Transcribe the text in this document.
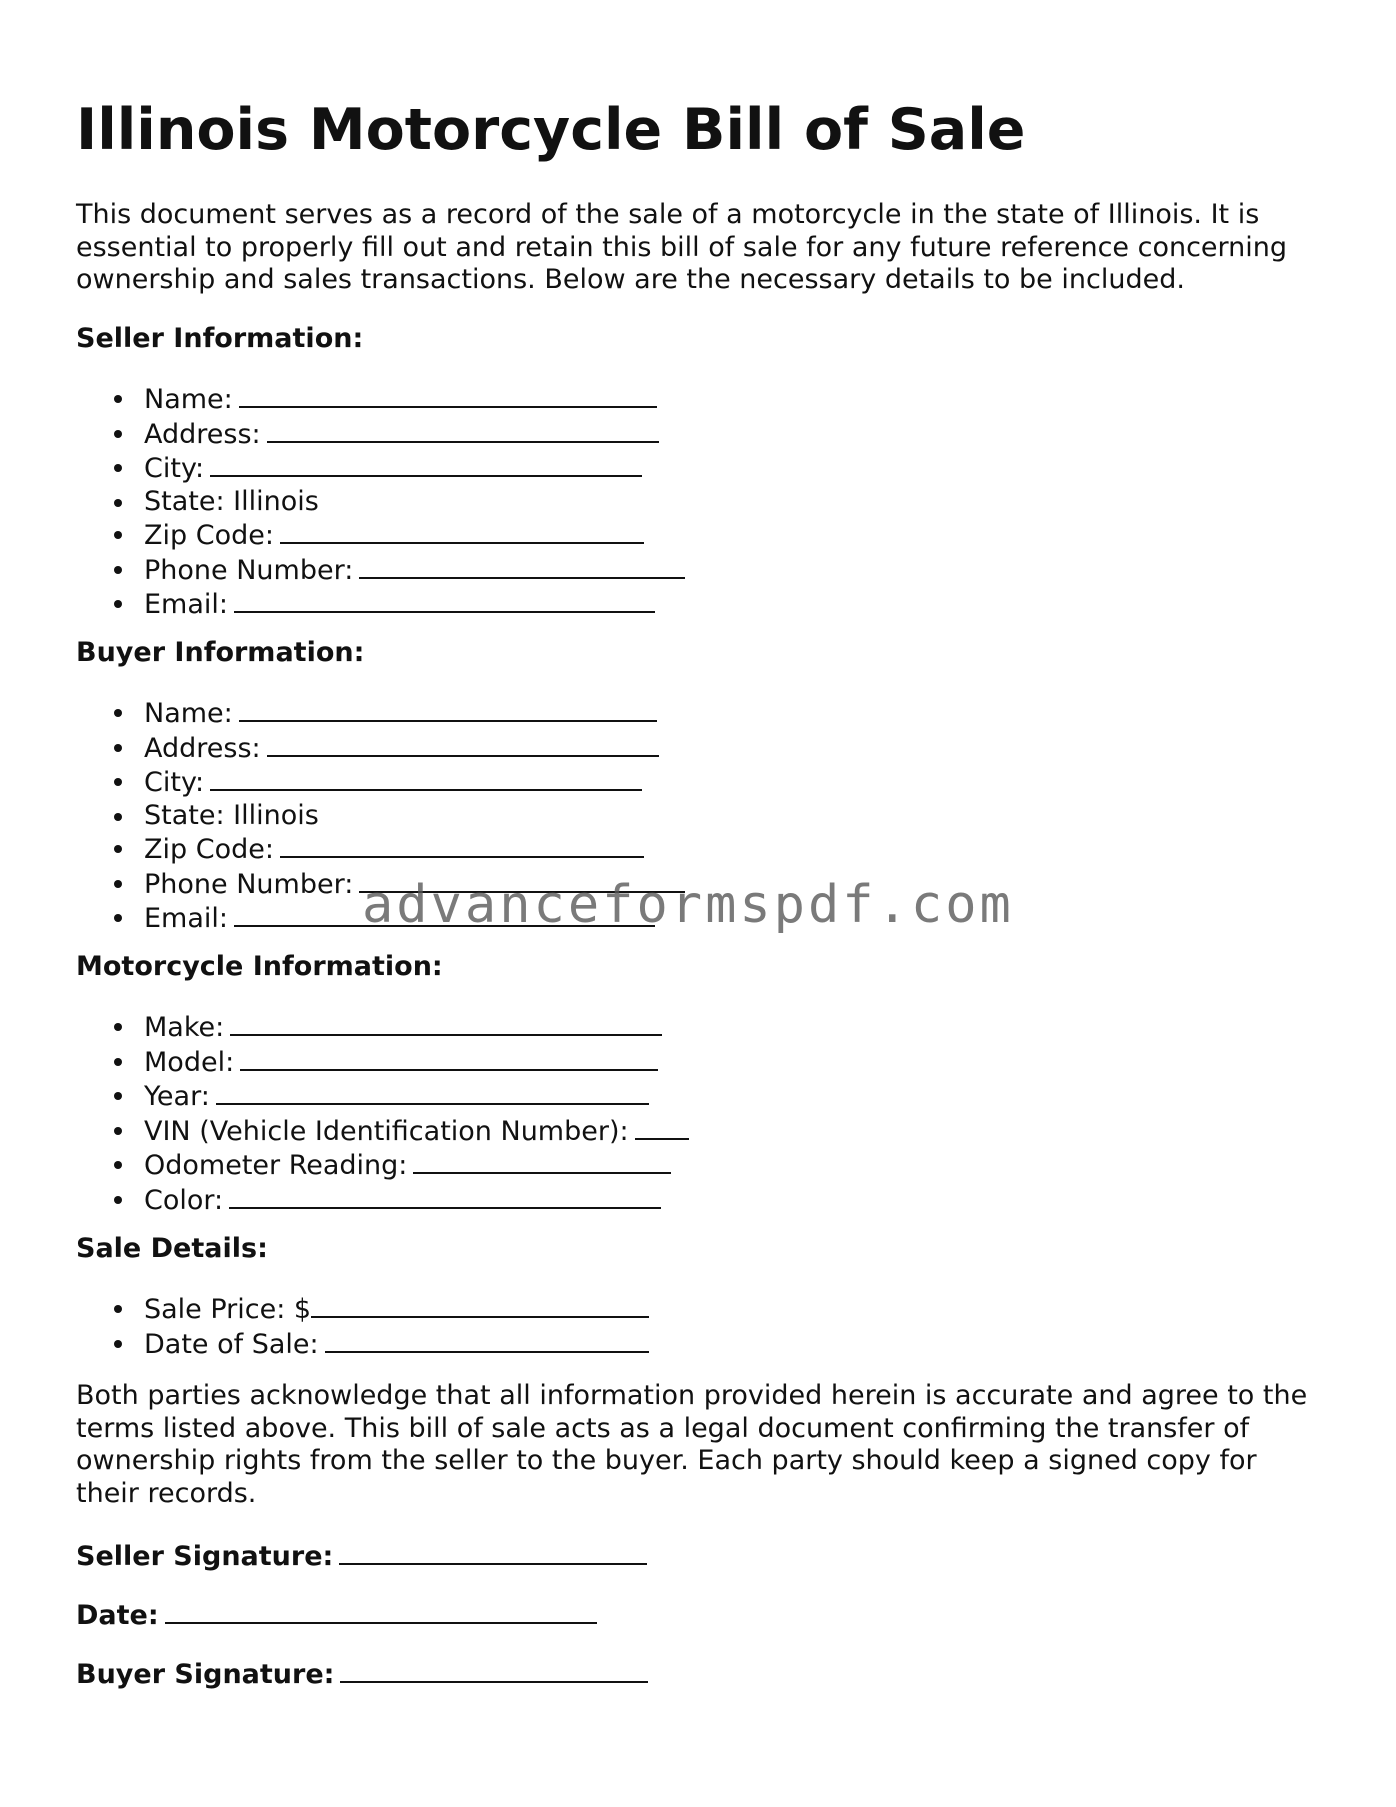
Illinois Motorcycle Bill of Sale

This document serves as a record of the sale of a motorcycle in the state of Illinois. It is essential to properly fill out and retain this bill of sale for any future reference concerning ownership and sales transactions. Below are the necessary details to be included.

Seller Information:
Name:
Address:
City:
State: Illinois
Zip Code:
Phone Number:
Email:
Buyer Information:
Name:
Address:
City:
State: Illinois
Zip Code:
Phone Number:
Email:
Motorcycle Information:
Make:
Model:
Year:
VIN (Vehicle Identification Number):
Odometer Reading:
Color:
Sale Details:
Sale Price: $
Date of Sale:

Both parties acknowledge that all information provided herein is accurate and agree to the terms listed above. This bill of sale acts as a legal document confirming the transfer of ownership rights from the seller to the buyer. Each party should keep a signed copy for their records.

Seller Signature:
Date:
Buyer Signature:
advanceformspdf.com
